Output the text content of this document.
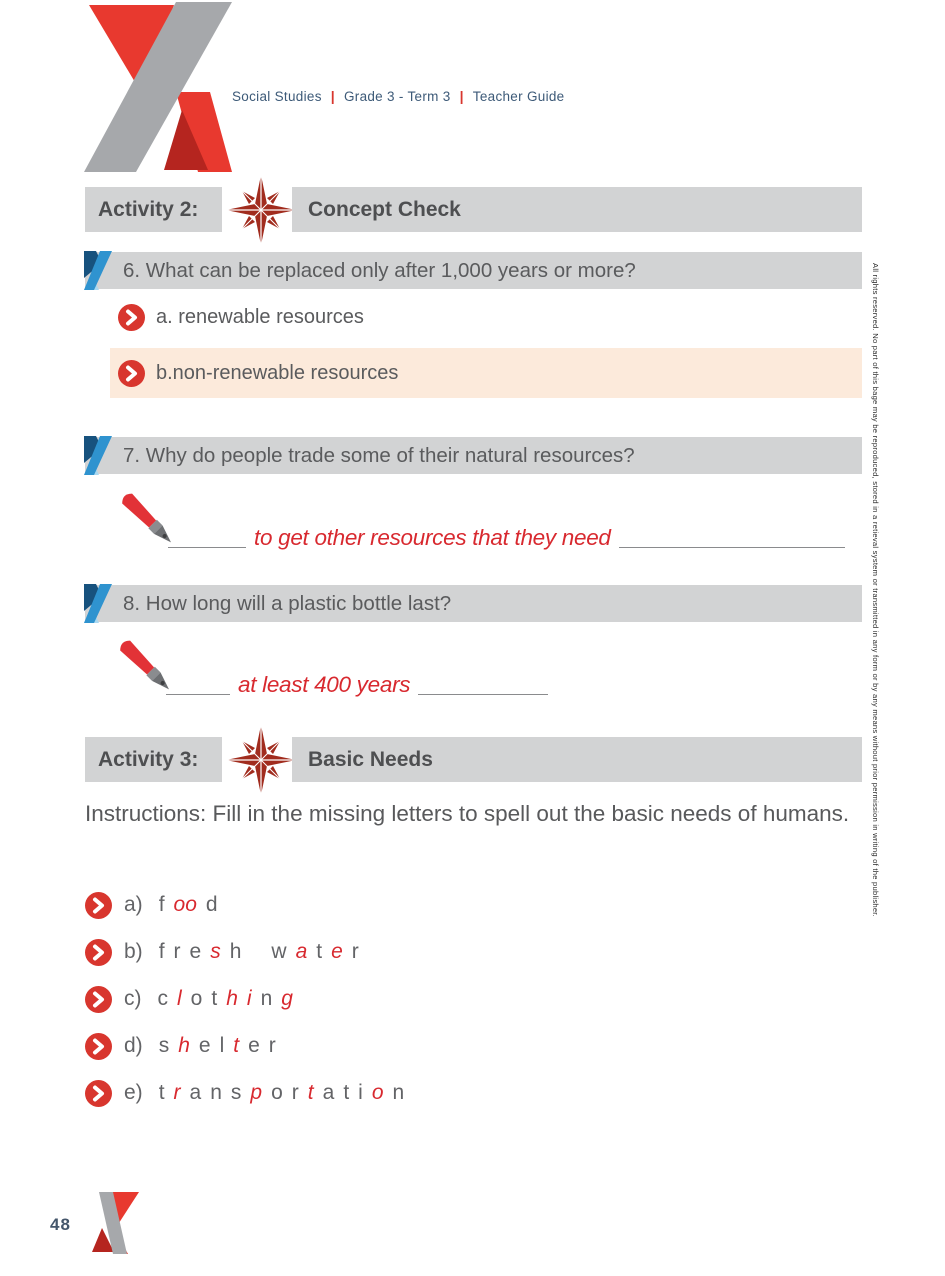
Social Studies | Grade 3 - Term 3 | Teacher Guide
All rights reserved. No part of this bage may be reproduced, stored in a retieval system or transmitted in any form or by any means without prior permission in writing of the publisher.
Activity 2:	Concept Check
6. What can be replaced only after 1,000 years or more?
a. renewable resources
b.non-renewable resources
7. Why do people trade some of their natural resources?
to get other resources that they need
8. How long will a plastic bottle last?
at least 400 years
Activity 3:	Basic Needs
Instructions: Fill in the missing letters to spell out the basic needs of humans.
a) f oo d
b) f r e s h w a t e r
c) c l o t h i n g
d) s h e l t e r
e) t r a n s p o r t a t i o n
48
